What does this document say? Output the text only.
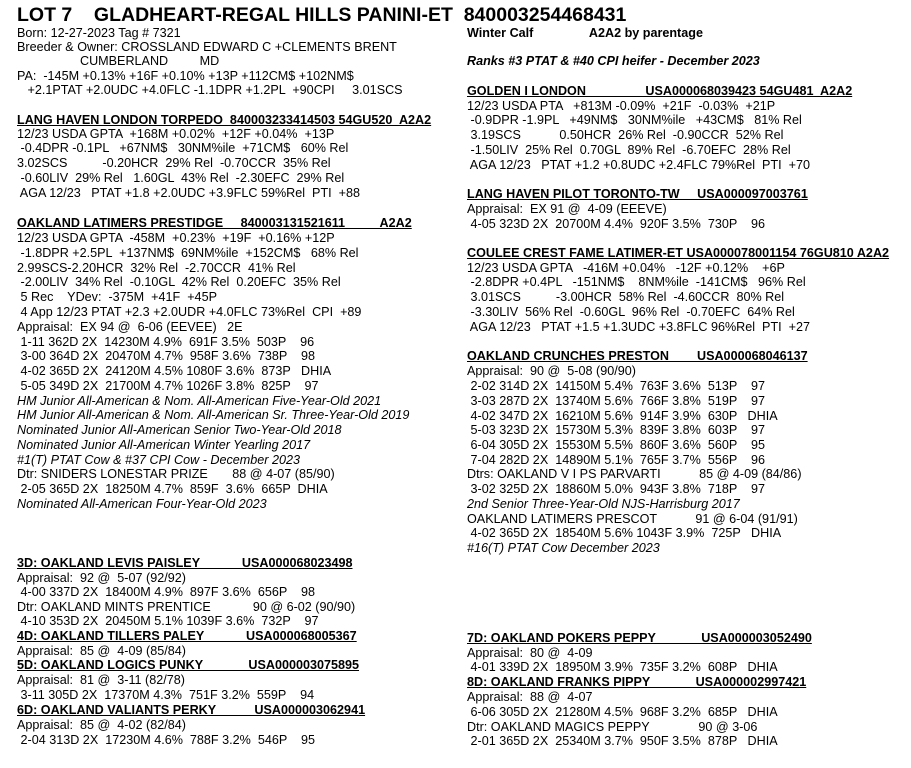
LOT 7    GLADHEART-REGAL HILLS PANINI-ET  840003254468431
Born: 12-27-2023 Tag # 7321
Breeder & Owner: CROSSLAND EDWARD C +CLEMENTS BRENT
CUMBERLAND         MD
PA:  -145M +0.13% +16F +0.10% +13P +112CM$ +102NM$
+2.1PTAT +2.0UDC +4.0FLC -1.1DPR +1.2PL  +90CPI     3.01SCS
Winter Calf                A2A2 by parentage
Ranks #3 PTAT & #40 CPI heifer - December 2023
LANG HAVEN LONDON TORPEDO  840003233414503 54GU520  A2A2
12/23 USDA GPTA  +168M +0.02%  +12F +0.04%  +13P
-0.4DPR -0.1PL   +67NM$   30NM%ile  +71CM$   60% Rel
3.02SCS          -0.20HCR  29% Rel  -0.70CCR  35% Rel
-0.60LIV  29% Rel   1.60GL  43% Rel  -2.30EFC  29% Rel
AGA 12/23   PTAT +1.8 +2.0UDC +3.9FLC 59%Rel  PTI  +88
OAKLAND LATIMERS PRESTIDGE     840003131521611          A2A2
12/23 USDA GPTA  -458M  +0.23%  +19F  +0.16% +12P
-1.8DPR +2.5PL  +137NM$  69NM%ile  +152CM$   68% Rel
2.99SCS-2.20HCR  32% Rel  -2.70CCR  41% Rel
-2.00LIV  34% Rel  -0.10GL  42% Rel  0.20EFC  35% Rel
5 Rec    YDev:  -375M  +41F  +45P
4 App 12/23 PTAT +2.3 +2.0UDR +4.0FLC 73%Rel  CPI  +89
Appraisal:  EX 94 @  6-06 (EEVEE)   2E
1-11 362D 2X  14230M 4.9%  691F 3.5%  503P    96
3-00 364D 2X  20470M 4.7%  958F 3.6%  738P    98
4-02 365D 2X  24120M 4.5% 1080F 3.6%  873P   DHIA
5-05 349D 2X  21700M 4.7% 1026F 3.8%  825P    97
HM Junior All-American & Nom. All-American Five-Year-Old 2021
HM Junior All-American & Nom. All-American Sr. Three-Year-Old 2019
Nominated Junior All-American Senior Two-Year-Old 2018
Nominated Junior All-American Winter Yearling 2017
#1(T) PTAT Cow & #37 CPI Cow - December 2023
Dtr: SNIDERS LONESTAR PRIZE       88 @ 4-07 (85/90)
2-05 365D 2X  18250M 4.7%  859F  3.6%  665P  DHIA
Nominated All-American Four-Year-Old 2023
GOLDEN I LONDON                 USA000068039423 54GU481  A2A2
12/23 USDA PTA   +813M -0.09%  +21F  -0.03%  +21P
-0.9DPR -1.9PL   +49NM$   30NM%ile   +43CM$   81% Rel
3.19SCS           0.50HCR  26% Rel  -0.90CCR  52% Rel
-1.50LIV  25% Rel  0.70GL  89% Rel  -6.70EFC  28% Rel
AGA 12/23   PTAT +1.2 +0.8UDC +2.4FLC 79%Rel  PTI  +70
LANG HAVEN PILOT TORONTO-TW     USA000097003761
Appraisal:  EX 91 @  4-09 (EEEVE)
4-05 323D 2X  20700M 4.4%  920F 3.5%  730P    96
COULEE CREST FAME LATIMER-ET USA000078001154 76GU810 A2A2
12/23 USDA GPTA   -416M +0.04%   -12F +0.12%    +6P
-2.8DPR +0.4PL   -151NM$    8NM%ile  -141CM$   96% Rel
3.01SCS          -3.00HCR  58% Rel  -4.60CCR  80% Rel
-3.30LIV  56% Rel  -0.60GL  96% Rel  -0.70EFC  64% Rel
AGA 12/23   PTAT +1.5 +1.3UDC +3.8FLC 96%Rel  PTI  +27
OAKLAND CRUNCHES PRESTON        USA000068046137
Appraisal:  90 @  5-08 (90/90)
2-02 314D 2X  14150M 5.4%  763F 3.6%  513P    97
3-03 287D 2X  13740M 5.6%  766F 3.8%  519P    97
4-02 347D 2X  16210M 5.6%  914F 3.9%  630P   DHIA
5-03 323D 2X  15730M 5.3%  839F 3.8%  603P    97
6-04 305D 2X  15530M 5.5%  860F 3.6%  560P    95
7-04 282D 2X  14890M 5.1%  765F 3.7%  556P    96
Dtrs: OAKLAND V I PS PARVARTI           85 @ 4-09 (84/86)
3-02 325D 2X  18860M 5.0%  943F 3.8%  718P    97
2nd Senior Three-Year-Old NJS-Harrisburg 2017
OAKLAND LATIMERS PRESCOT           91 @ 6-04 (91/91)
4-02 365D 2X  18540M 5.6% 1043F 3.9%  725P   DHIA
#16(T) PTAT Cow December 2023
3D: OAKLAND LEVIS PAISLEY            USA000068023498
Appraisal:  92 @  5-07 (92/92)
4-00 337D 2X  18400M 4.9%  897F 3.6%  656P    98
Dtr: OAKLAND MINTS PRENTICE            90 @ 6-02 (90/90)
4-10 353D 2X  20450M 5.1% 1039F 3.6%  732P    97
4D: OAKLAND TILLERS PALEY            USA000068005367
Appraisal:  85 @  4-09 (85/84)
5D: OAKLAND LOGICS PUNKY             USA000003075895
Appraisal:  81 @  3-11 (82/78)
3-11 305D 2X  17370M 4.3%  751F 3.2%  559P    94
6D: OAKLAND VALIANTS PERKY           USA000003062941
Appraisal:  85 @  4-02 (82/84)
2-04 313D 2X  17230M 4.6%  788F 3.2%  546P    95
7D: OAKLAND POKERS PEPPY             USA000003052490
Appraisal:  80 @  4-09
4-01 339D 2X  18950M 3.9%  735F 3.2%  608P   DHIA
8D: OAKLAND FRANKS PIPPY             USA000002997421
Appraisal:  88 @  4-07
6-06 305D 2X  21280M 4.5%  968F 3.2%  685P   DHIA
Dtr: OAKLAND MAGICS PEPPY              90 @ 3-06
2-01 365D 2X  25340M 3.7%  950F 3.5%  878P   DHIA
